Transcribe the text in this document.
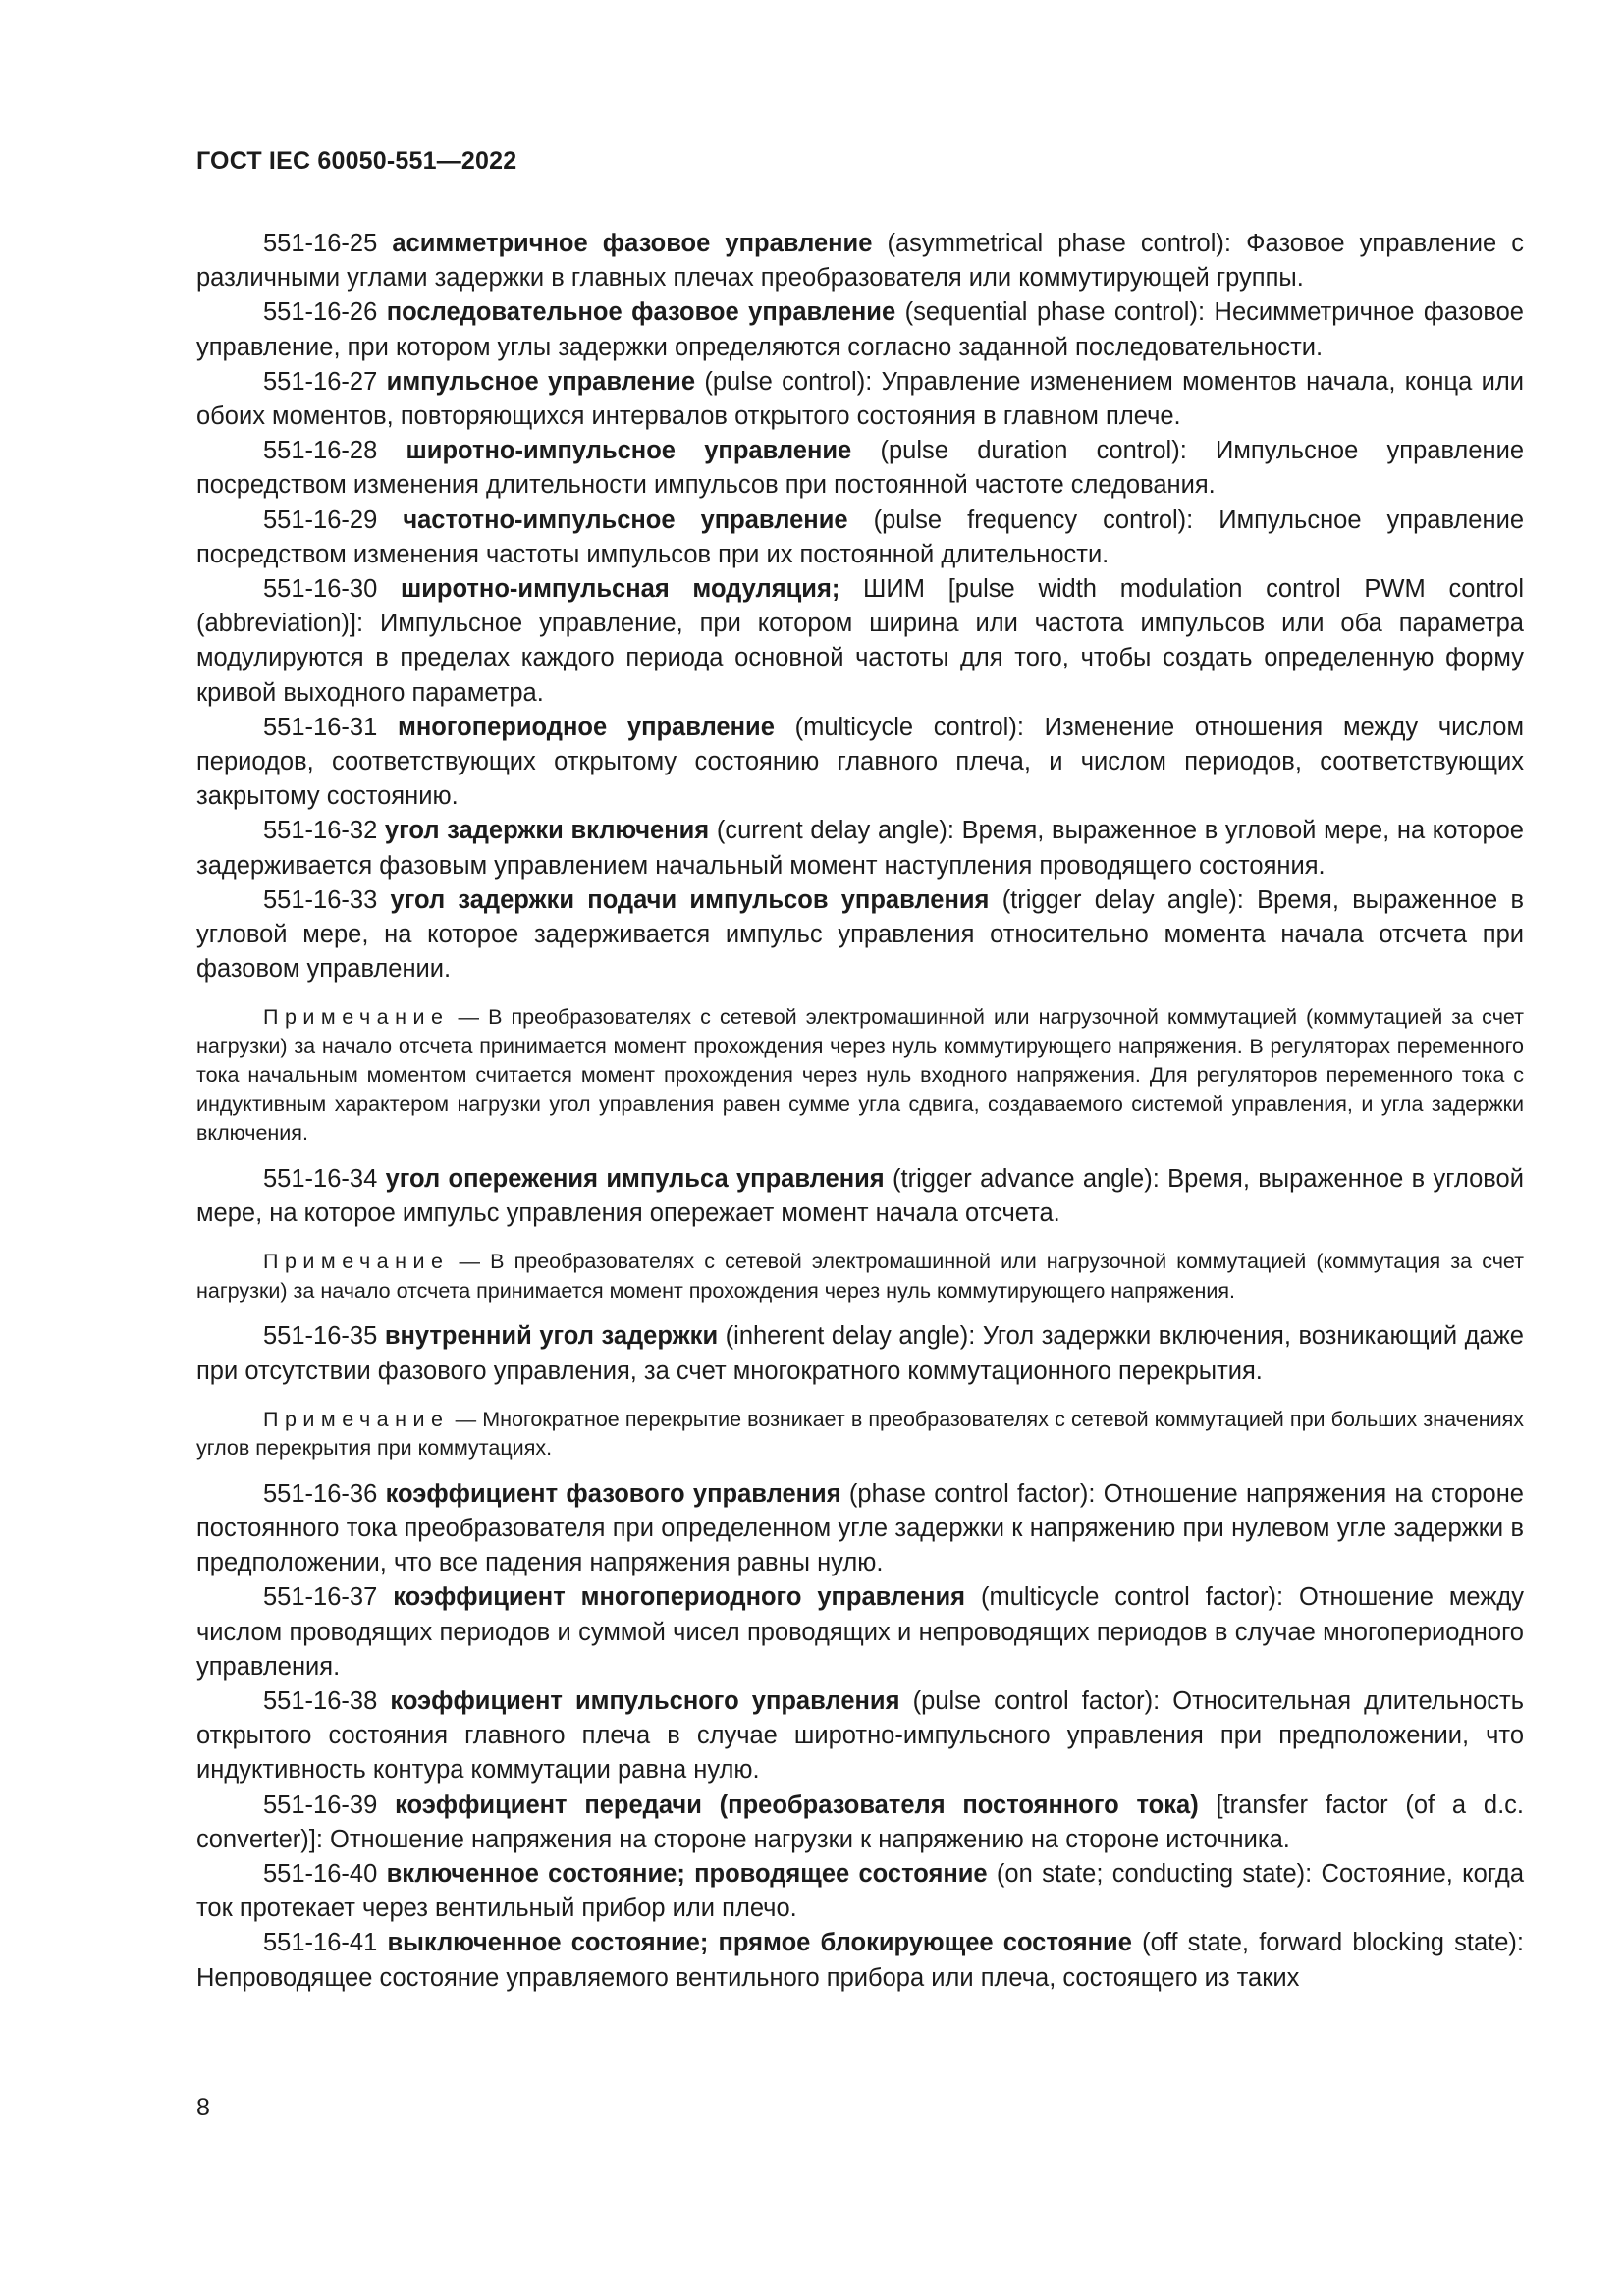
ГОСТ IEC 60050-551—2022

551-16-25 асимметричное фазовое управление (asymmetrical phase control): Фазовое управление с различными углами задержки в главных плечах преобразователя или коммутирующей группы.

551-16-26 последовательное фазовое управление (sequential phase control): Несимметричное фазовое управление, при котором углы задержки определяются согласно заданной последовательности.

551-16-27 импульсное управление (pulse control): Управление изменением моментов начала, конца или обоих моментов, повторяющихся интервалов открытого состояния в главном плече.

551-16-28 широтно-импульсное управление (pulse duration control): Импульсное управление посредством изменения длительности импульсов при постоянной частоте следования.

551-16-29 частотно-импульсное управление (pulse frequency control): Импульсное управление посредством изменения частоты импульсов при их постоянной длительности.

551-16-30 широтно-импульсная модуляция; ШИМ [pulse width modulation control PWM control (abbreviation)]: Импульсное управление, при котором ширина или частота импульсов или оба параметра модулируются в пределах каждого периода основной частоты для того, чтобы создать определенную форму кривой выходного параметра.

551-16-31 многопериодное управление (multicycle control): Изменение отношения между числом периодов, соответствующих открытому состоянию главного плеча, и числом периодов, соответствующих закрытому состоянию.

551-16-32 угол задержки включения (current delay angle): Время, выраженное в угловой мере, на которое задерживается фазовым управлением начальный момент наступления проводящего состояния.

551-16-33 угол задержки подачи импульсов управления (trigger delay angle): Время, выраженное в угловой мере, на которое задерживается импульс управления относительно момента начала отсчета при фазовом управлении.

Примечание — В преобразователях с сетевой электромашинной или нагрузочной коммутацией (коммутацией за счет нагрузки) за начало отсчета принимается момент прохождения через нуль коммутирующего напряжения. В регуляторах переменного тока начальным моментом считается момент прохождения через нуль входного напряжения. Для регуляторов переменного тока с индуктивным характером нагрузки угол управления равен сумме угла сдвига, создаваемого системой управления, и угла задержки включения.

551-16-34 угол опережения импульса управления (trigger advance angle): Время, выраженное в угловой мере, на которое импульс управления опережает момент начала отсчета.

Примечание — В преобразователях с сетевой электромашинной или нагрузочной коммутацией (коммутация за счет нагрузки) за начало отсчета принимается момент прохождения через нуль коммутирующего напряжения.

551-16-35 внутренний угол задержки (inherent delay angle): Угол задержки включения, возникающий даже при отсутствии фазового управления, за счет многократного коммутационного перекрытия.

Примечание — Многократное перекрытие возникает в преобразователях с сетевой коммутацией при больших значениях углов перекрытия при коммутациях.

551-16-36 коэффициент фазового управления (phase control factor): Отношение напряжения на стороне постоянного тока преобразователя при определенном угле задержки к напряжению при нулевом угле задержки в предположении, что все падения напряжения равны нулю.

551-16-37 коэффициент многопериодного управления (multicycle control factor): Отношение между числом проводящих периодов и суммой чисел проводящих и непроводящих периодов в случае многопериодного управления.

551-16-38 коэффициент импульсного управления (pulse control factor): Относительная длительность открытого состояния главного плеча в случае широтно-импульсного управления при предположении, что индуктивность контура коммутации равна нулю.

551-16-39 коэффициент передачи (преобразователя постоянного тока) [transfer factor (of a d.c. converter)]: Отношение напряжения на стороне нагрузки к напряжению на стороне источника.

551-16-40 включенное состояние; проводящее состояние (on state; conducting state): Состояние, когда ток протекает через вентильный прибор или плечо.

551-16-41 выключенное состояние; прямое блокирующее состояние (off state, forward blocking state): Непроводящее состояние управляемого вентильного прибора или плеча, состоящего из таких

8
